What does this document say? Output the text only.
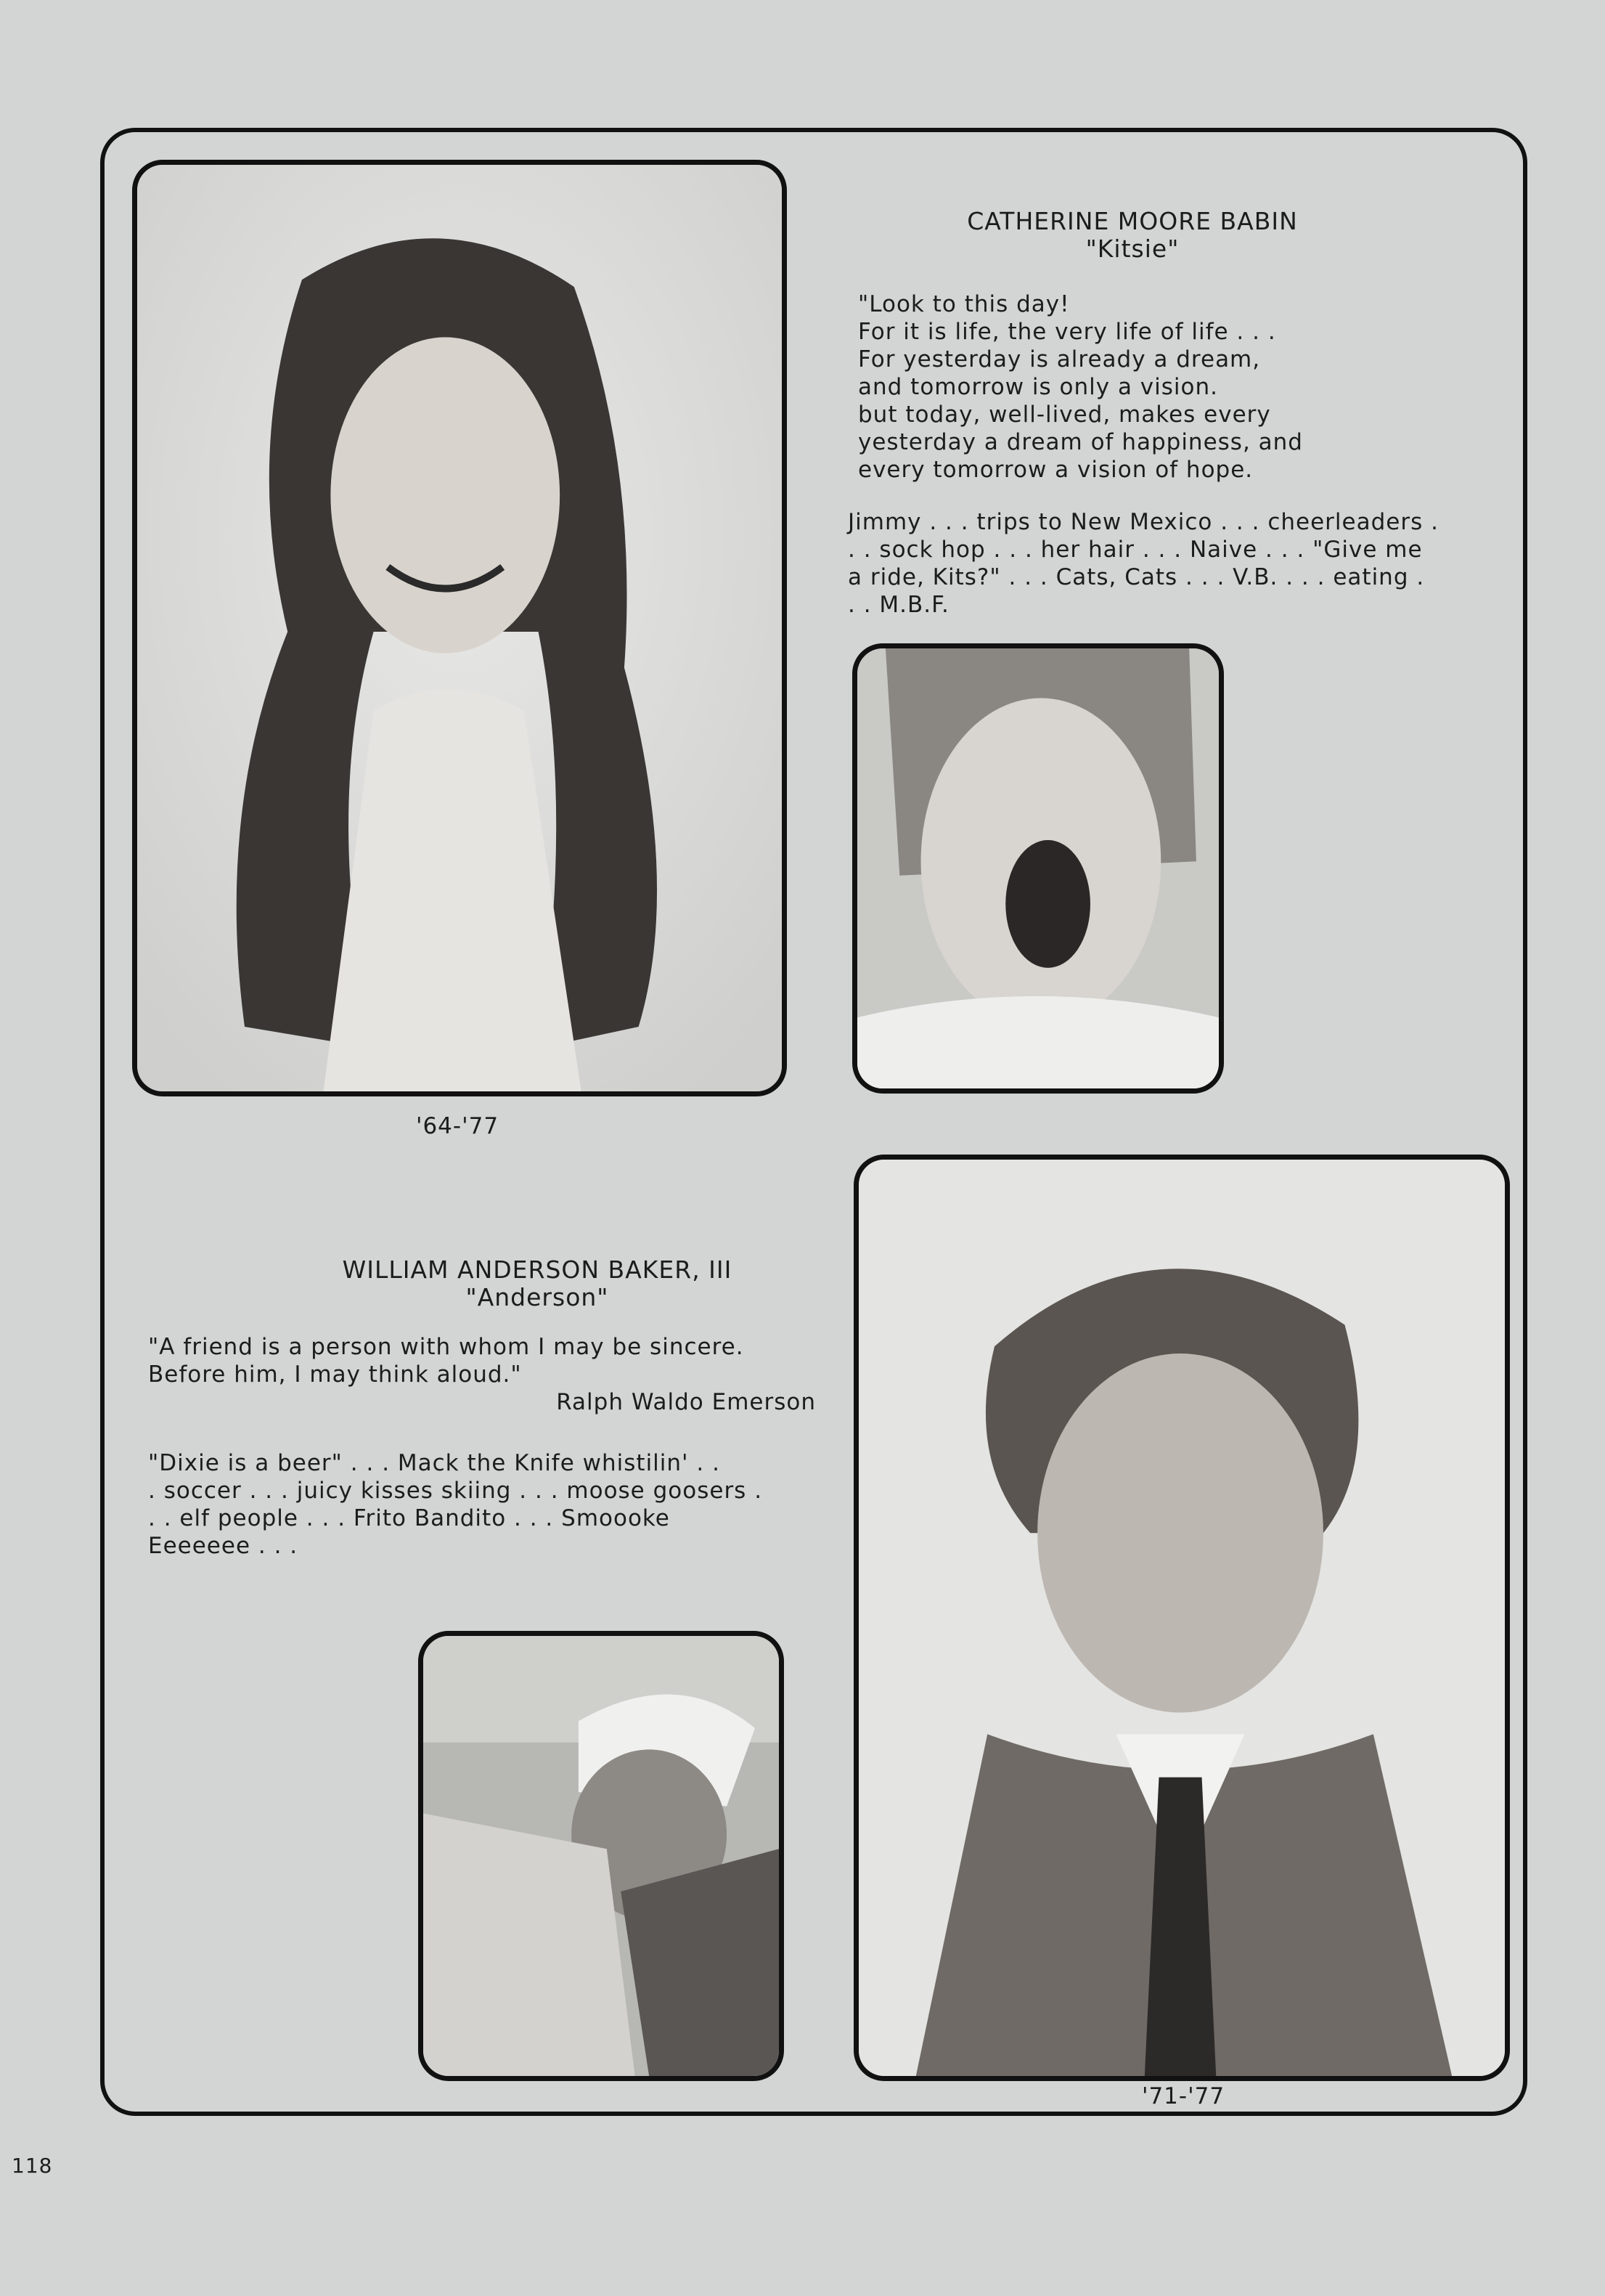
CATHERINE MOORE BABIN
"Kitsie"
"Look to this day!
For it is life, the very life of life . . .
For yesterday is already a dream,
and tomorrow is only a vision.
but today, well-lived, makes every
yesterday a dream of happiness, and
every tomorrow a vision of hope.
Jimmy . . . trips to New Mexico . . . cheerleaders .
. . sock hop . . . her hair . . . Naive . . . "Give me
a ride, Kits?" . . . Cats, Cats . . . V.B. . . . eating .
. . M.B.F.
'64-'77
WILLIAM ANDERSON BAKER, III
"Anderson"
"A friend is a person with whom I may be sincere.
Before him, I may think aloud."
Ralph Waldo Emerson
"Dixie is a beer" . . . Mack the Knife whistilin' . .
. soccer . . . juicy kisses skiing . . . moose goosers .
. . elf people . . . Frito Bandito . . . Smoooke
Eeeeeee . . .
'71-'77
118
